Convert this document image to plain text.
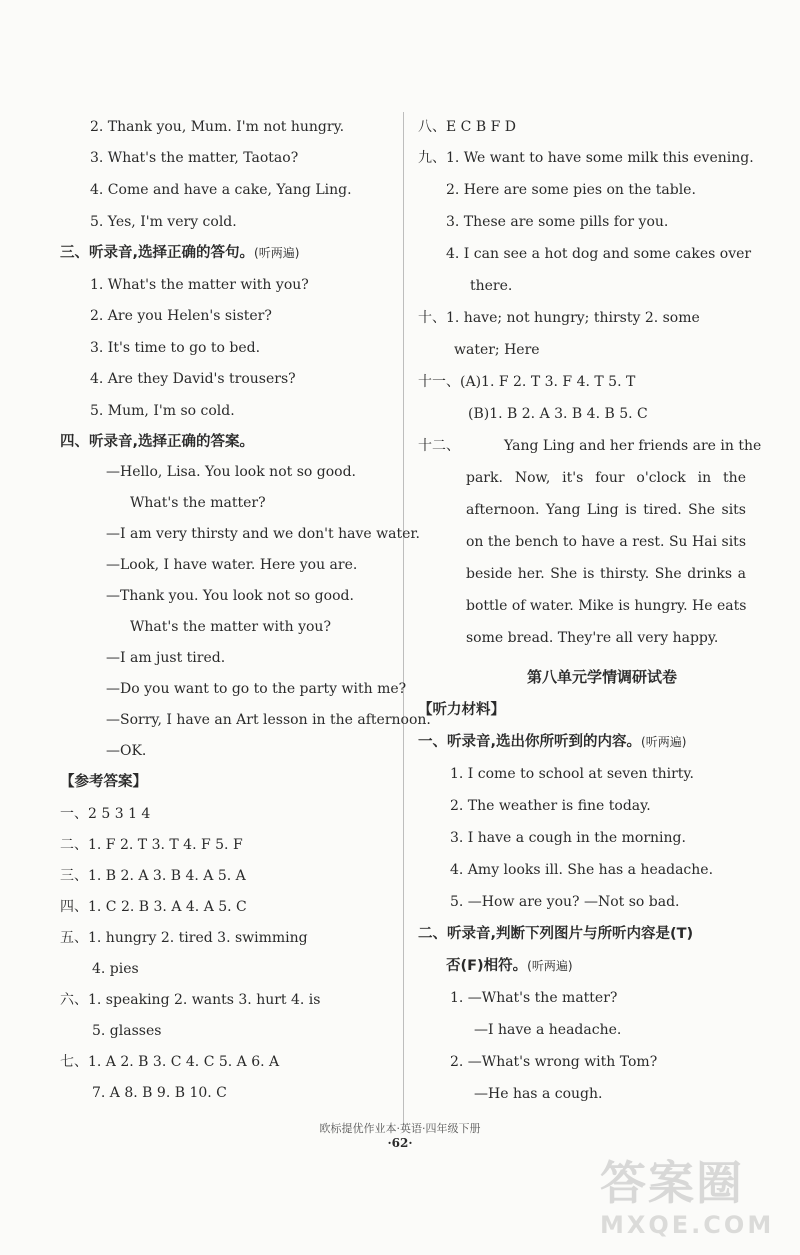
2. Thank you, Mum. I'm not hungry.
3. What's the matter, Taotao?
4. Come and have a cake, Yang Ling.
5. Yes, I'm very cold.
三、听录音,选择正确的答句。(听两遍)
1. What's the matter with you?
2. Are you Helen's sister?
3. It's time to go to bed.
4. Are they David's trousers?
5. Mum, I'm so cold.
四、听录音,选择正确的答案。
—Hello, Lisa. You look not so good.
What's the matter?
—I am very thirsty and we don't have water.
—Look, I have water. Here you are.
—Thank you. You look not so good.
What's the matter with you?
—I am just tired.
—Do you want to go to the party with me?
—Sorry, I have an Art lesson in the afternoon.
—OK.
【参考答案】
一、2 5 3 1 4
二、1. F 2. T 3. T 4. F 5. F
三、1. B 2. A 3. B 4. A 5. A
四、1. C 2. B 3. A 4. A 5. C
五、1. hungry 2. tired 3. swimming
4. pies
六、1. speaking 2. wants 3. hurt 4. is
5. glasses
七、1. A 2. B 3. C 4. C 5. A 6. A
7. A 8. B 9. B 10. C
八、E C B F D
九、1. We want to have some milk this evening.
2. Here are some pies on the table.
3. These are some pills for you.
4. I can see a hot dog and some cakes over
there.
十、1. have; not hungry; thirsty 2. some
water; Here
十一、(A)1. F 2. T 3. F 4. T 5. T
(B)1. B 2. A 3. B 4. B 5. C
十二、	Yang Ling and her friends are in the
park. Now, it's four o'clock in the
afternoon. Yang Ling is tired. She sits
on the bench to have a rest. Su Hai sits
beside her. She is thirsty. She drinks a
bottle of water. Mike is hungry. He eats
some bread. They're all very happy.
第八单元学情调研试卷
【听力材料】
一、听录音,选出你所听到的内容。(听两遍)
1. I come to school at seven thirty.
2. The weather is fine today.
3. I have a cough in the morning.
4. Amy looks ill. She has a headache.
5. —How are you? —Not so bad.
二、听录音,判断下列图片与所听内容是(T)
否(F)相符。(听两遍)
1. —What's the matter?
—I have a headache.
2. —What's wrong with Tom?
—He has a cough.
欧标提优作业本·英语·四年级下册
·62·
答案圈
MXQE.COM
